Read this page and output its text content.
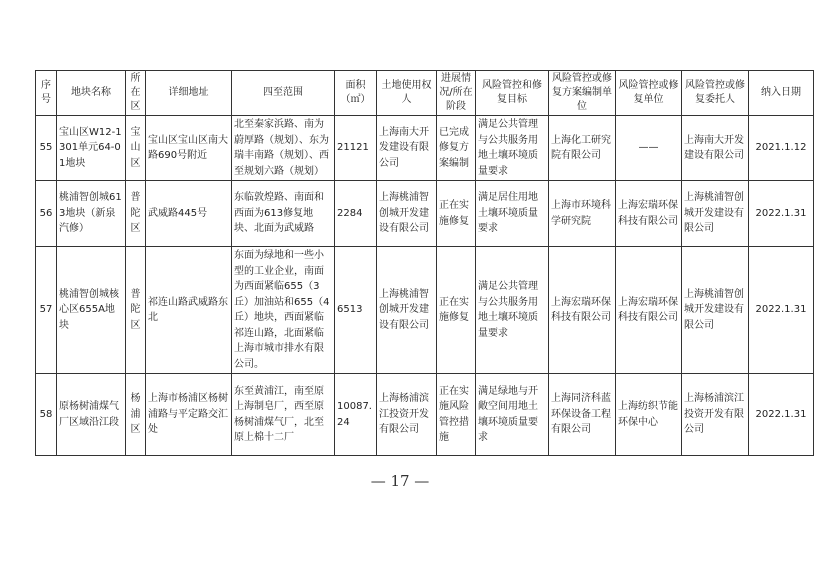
序号	地块名称	所在区	详细地址	四至范围	面积（㎡）	土地使用权人	进展情况/所在阶段	风险管控和修复目标	风险管控或修复方案编制单位	风险管控或修复单位	风险管控或修复委托人	纳入日期
55	宝山区W12-1301单元64-01地块	宝山区	宝山区宝山区南大路690号附近	北至秦家浜路、南为蔚厚路（规划）、东为瑞丰南路（规划）、西至规划六路（规划）	21121	上海南大开发建设有限公司	已完成修复方案编制	满足公共管理与公共服务用地土壤环境质量要求	上海化工研究院有限公司	——	上海南大开发建设有限公司	2021.1.12
56	桃浦智创城613地块（新泉汽修）	普陀区	武威路445号	东临敦煌路、南面和西面为613修复地块、北面为武威路	2284	上海桃浦智创城开发建设有限公司	正在实施修复	满足居住用地土壤环境质量要求	上海市环境科学研究院	上海宏瑞环保科技有限公司	上海桃浦智创城开发建设有限公司	2022.1.31
57	桃浦智创城核心区655A地块	普陀区	祁连山路武威路东北	东面为绿地和一些小型的工业企业，南面为西面紧临655（3丘）加油站和655（4丘）地块，西面紧临祁连山路，北面紧临上海市城市排水有限公司。	6513	上海桃浦智创城开发建设有限公司	正在实施修复	满足公共管理与公共服务用地土壤环境质量要求	上海宏瑞环保科技有限公司	上海宏瑞环保科技有限公司	上海桃浦智创城开发建设有限公司	2022.1.31
58	原杨树浦煤气厂区域沿江段	杨浦区	上海市杨浦区杨树浦路与平定路交汇处	东至黄浦江，南至原上海制皂厂，西至原杨树浦煤气厂，北至原上棉十二厂	10087.24	上海杨浦滨江投资开发有限公司	正在实施风险管控措施	满足绿地与开敞空间用地土壤环境质量要求	上海同济科蓝环保设备工程有限公司	上海纺织节能环保中心	上海杨浦滨江投资开发有限公司	2022.1.31
— 17 —
